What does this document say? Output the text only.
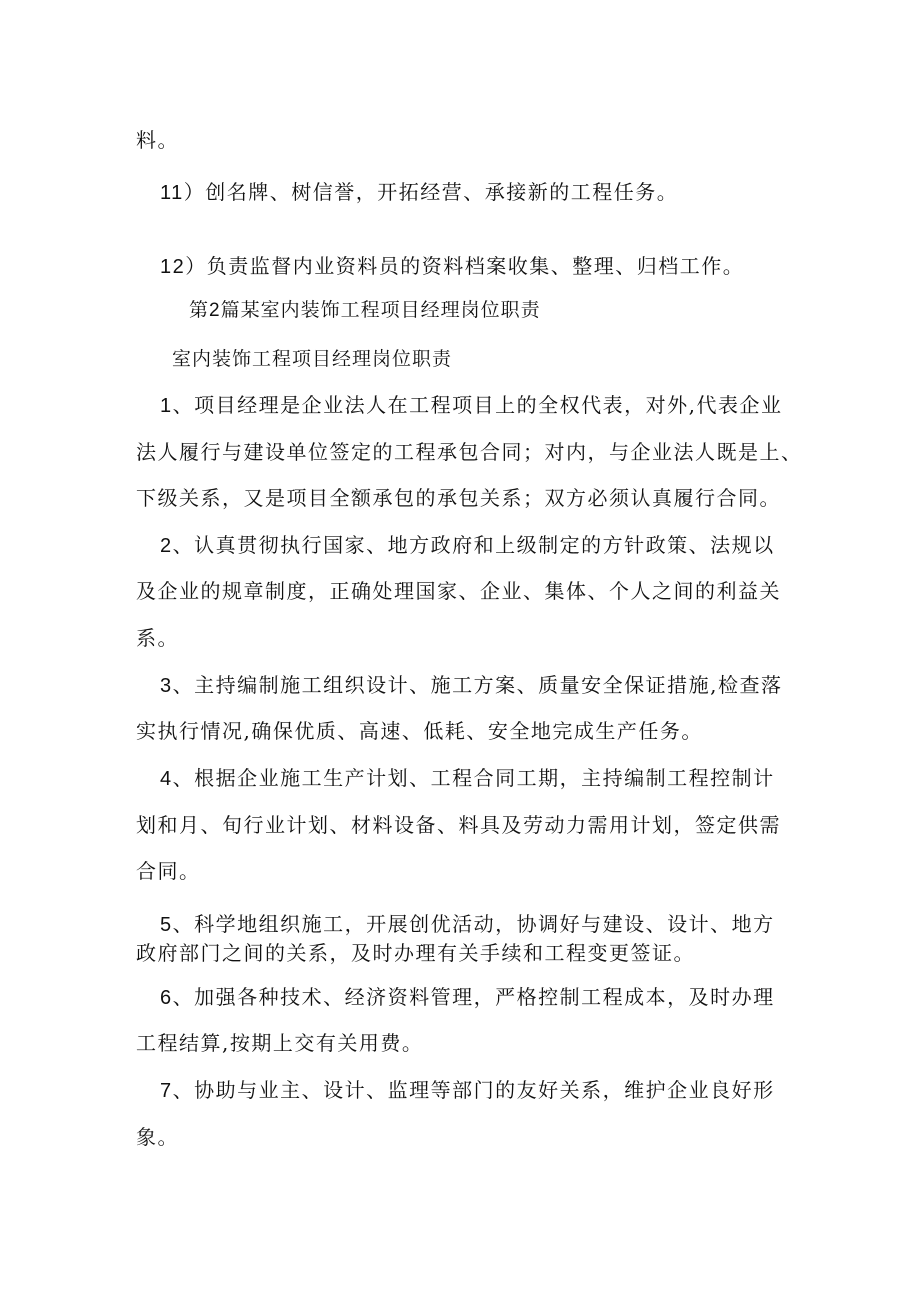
料。
11）创名牌、树信誉，开拓经营、承接新的工程任务。
12）负责监督内业资料员的资料档案收集、整理、归档工作。
第2篇某室内装饰工程项目经理岗位职责
室内装饰工程项目经理岗位职责
1、项目经理是企业法人在工程项目上的全权代表，对外,代表企业
法人履行与建设单位签定的工程承包合同；对内，与企业法人既是上、
下级关系，又是项目全额承包的承包关系；双方必须认真履行合同。
2、认真贯彻执行国家、地方政府和上级制定的方针政策、法规以
及企业的规章制度，正确处理国家、企业、集体、个人之间的利益关
系。
3、主持编制施工组织设计、施工方案、质量安全保证措施,检查落
实执行情况,确保优质、高速、低耗、安全地完成生产任务。
4、根据企业施工生产计划、工程合同工期，主持编制工程控制计
划和月、旬行业计划、材料设备、料具及劳动力需用计划，签定供需
合同。
5、科学地组织施工，开展创优活动，协调好与建设、设计、地方
政府部门之间的关系，及时办理有关手续和工程变更签证。
6、加强各种技术、经济资料管理，严格控制工程成本，及时办理
工程结算,按期上交有关用费。
7、协助与业主、设计、监理等部门的友好关系，维护企业良好形
象。
